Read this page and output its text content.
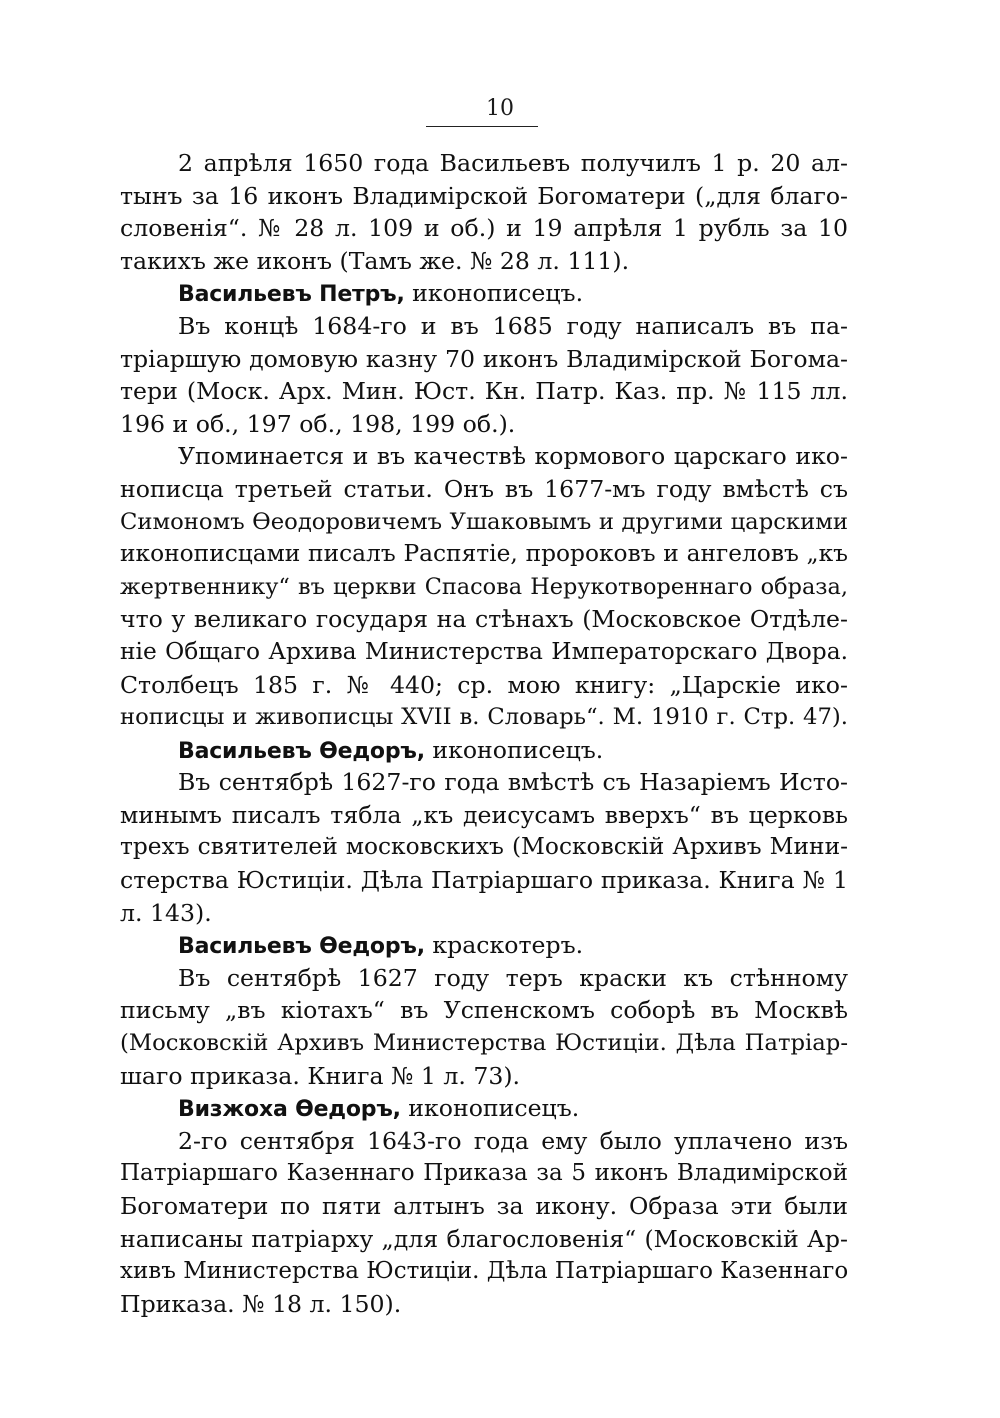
10
2 апрѣля 1650 года Васильевъ получилъ 1 р. 20 ал-
тынъ за 16 иконъ Владимірской Богоматери („для благо-
словенія“. № 28 л. 109 и об.) и 19 апрѣля 1 рубль за 10
такихъ же иконъ (Тамъ же. № 28 л. 111).
Васильевъ Петръ, иконописецъ.
Въ концѣ 1684-го и въ 1685 году написалъ въ па-
тріаршую домовую казну 70 иконъ Владимірской Богома-
тери (Моск. Арх. Мин. Юст. Кн. Патр. Каз. пр. № 115 лл.
196 и об., 197 об., 198, 199 об.).
Упоминается и въ качествѣ кормового царскаго ико-
нописца третьей статьи. Онъ въ 1677-мъ году вмѣстѣ съ
Симономъ Ѳеодоровичемъ Ушаковымъ и другими царскими
иконописцами писалъ Распятіе, пророковъ и ангеловъ „къ
жертвеннику“ въ церкви Спасова Нерукотвореннаго образа,
что у великаго государя на стѣнахъ (Московское Отдѣле-
ніе Общаго Архива Министерства Императорскаго Двора.
Столбецъ 185 г. № 440; ср. мою книгу: „Царскіе ико-
нописцы и живописцы XVII в. Словарь“. М. 1910 г. Стр. 47).
Васильевъ Ѳедоръ, иконописецъ.
Въ сентябрѣ 1627-го года вмѣстѣ съ Назаріемъ Исто-
минымъ писалъ тябла „къ деисусамъ вверхъ“ въ церковь
трехъ святителей московскихъ (Московскій Архивъ Мини-
стерства Юстиціи. Дѣла Патріаршаго приказа. Книга № 1
л. 143).
Васильевъ Ѳедоръ, краскотеръ.
Въ сентябрѣ 1627 году теръ краски къ стѣнному
письму „въ кіотахъ“ въ Успенскомъ соборѣ въ Москвѣ
(Московскій Архивъ Министерства Юстиціи. Дѣла Патріар-
шаго приказа. Книга № 1 л. 73).
Визжоха Ѳедоръ, иконописецъ.
2-го сентября 1643-го года ему было уплачено изъ
Патріаршаго Казеннаго Приказа за 5 иконъ Владимірской
Богоматери по пяти алтынъ за икону. Образа эти были
написаны патріарху „для благословенія“ (Московскій Ар-
хивъ Министерства Юстиціи. Дѣла Патріаршаго Казеннаго
Приказа. № 18 л. 150).
